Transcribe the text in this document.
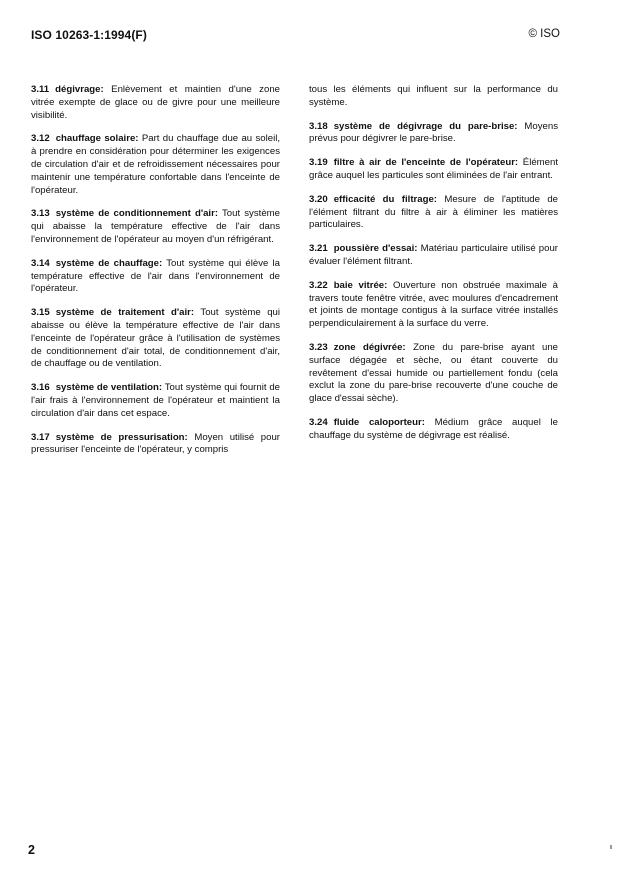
ISO 10263-1:1994(F)	© ISO

3.11 dégivrage: Enlèvement et maintien d'une zone vitrée exempte de glace ou de givre pour une meilleure visibilité.

3.12 chauffage solaire: Part du chauffage due au soleil, à prendre en considération pour déterminer les exigences de circulation d'air et de refroidissement nécessaires pour maintenir une température confortable dans l'enceinte de l'opérateur.

3.13 système de conditionnement d'air: Tout système qui abaisse la température effective de l'air dans l'environnement de l'opérateur au moyen d'un réfrigérant.

3.14 système de chauffage: Tout système qui élève la température effective de l'air dans l'environnement de l'opérateur.

3.15 système de traitement d'air: Tout système qui abaisse ou élève la température effective de l'air dans l'enceinte de l'opérateur grâce à l'utilisation de systèmes de conditionnement d'air total, de conditionnement d'air, de chauffage ou de ventilation.

3.16 système de ventilation: Tout système qui fournit de l'air frais à l'environnement de l'opérateur et maintient la circulation d'air dans cet espace.

3.17 système de pressurisation: Moyen utilisé pour pressuriser l'enceinte de l'opérateur, y compris

tous les éléments qui influent sur la performance du système.

3.18 système de dégivrage du pare-brise: Moyens prévus pour dégivrer le pare-brise.

3.19 filtre à air de l'enceinte de l'opérateur: Élément grâce auquel les particules sont éliminées de l'air entrant.

3.20 efficacité du filtrage: Mesure de l'aptitude de l'élément filtrant du filtre à air à éliminer les matières particulaires.

3.21 poussière d'essai: Matériau particulaire utilisé pour évaluer l'élément filtrant.

3.22 baie vitrée: Ouverture non obstruée maximale à travers toute fenêtre vitrée, avec moulures d'encadrement et joints de montage contigus à la surface vitrée installés perpendiculairement à la surface du verre.

3.23 zone dégivrée: Zone du pare-brise ayant une surface dégagée et sèche, ou étant couverte du revêtement d'essai humide ou partiellement fondu (cela exclut la zone du pare-brise recouverte d'une couche de glace d'essai sèche).

3.24 fluide caloporteur: Médium grâce auquel le chauffage du système de dégivrage est réalisé.

2
